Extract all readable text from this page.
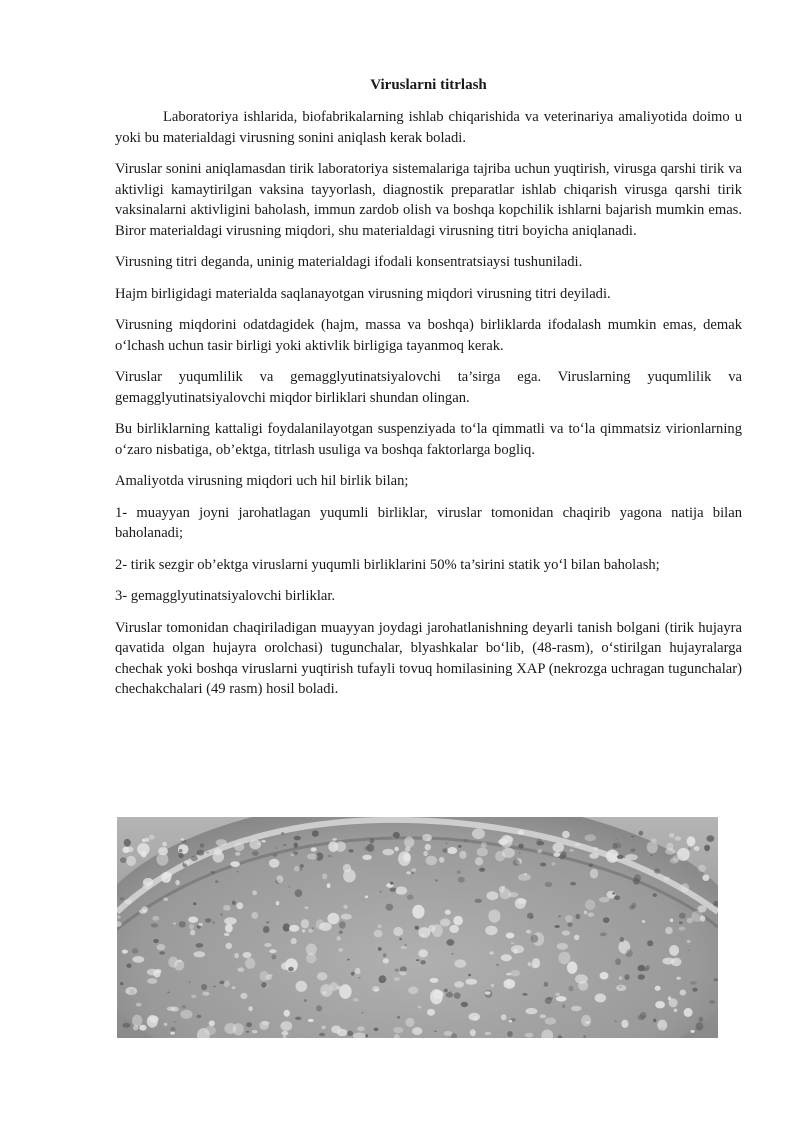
Viruslarni titrlash

Laboratoriya ishlarida, biofabrikalarning ishlab chiqarishida va veterinariya amaliyotida doimo u yoki bu materialdagi virusning sonini aniqlash kerak boladi.

Viruslar sonini aniqlamasdan tirik laboratoriya sistemalariga tajriba uchun yuqtirish, virusga qarshi tirik va aktivligi kamaytirilgan vaksina tayyorlash, diagnostik preparatlar ishlab chiqarish virusga qarshi tirik vaksinalarni aktivligini baholash, immun zardob olish va boshqa kopchilik ishlarni bajarish mumkin emas. Biror materialdagi virusning miqdori, shu materialdagi virusning titri boyicha aniqlanadi.

Virusning titri deganda, uninig materialdagi ifodali konsentratsiaysi tushuniladi.

Hajm birligidagi materialda saqlanayotgan virusning miqdori virusning titri deyiladi.

Virusning miqdorini odatdagidek (hajm, massa va boshqa) birliklarda ifodalash mumkin emas, demak o‘lchash uchun tasir birligi yoki aktivlik birligiga tayanmoq kerak.

Viruslar yuqumlilik va gemagglyutinatsiyalovchi ta’sirga ega. Viruslarning yuqumlilik va gemagglyutinatsiyalovchi miqdor birliklari shundan olingan.

Bu birliklarning kattaligi foydalanilayotgan suspenziyada to‘la qimmatli va to‘la qimmatsiz virionlarning o‘zaro nisbatiga, ob’ektga, titrlash usuliga va boshqa faktorlarga bogliq.

Amaliyotda virusning miqdori uch hil birlik bilan;

1- muayyan joyni jarohatlagan yuqumli birliklar, viruslar tomonidan chaqirib yagona natija bilan baholanadi;

2- tirik sezgir ob’ektga viruslarni yuqumli birliklarini 50% ta’sirini statik yo‘l bilan baholash;

3- gemagglyutinatsiyalovchi birliklar.

Viruslar tomonidan chaqiriladigan muayyan joydagi jarohatlanishning deyarli tanish bolgani (tirik hujayra qavatida olgan hujayra orolchasi) tugunchalar, blyashkalar bo‘lib, (48-rasm), o‘stirilgan hujayralarga chechak yoki boshqa viruslarni yuqtirish tufayli tovuq homilasining XAP (nekrozga uchragan tugunchalar) chechakchalari (49 rasm) hosil boladi.
